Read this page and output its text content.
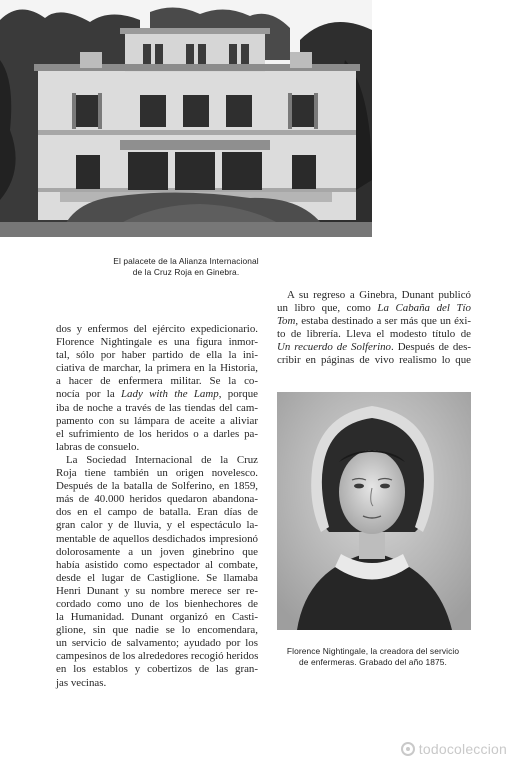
El palacete de la Alianza Internacional
de la Cruz Roja en Ginebra.
A su regreso a Ginebra, Dunant publicó
un libro que, como La Cabaña del Tío
Tom, estaba destinado a ser más que un éxi-
to de librería. Lleva el modesto título de
Un recuerdo de Solferino. Después de des-
cribir en páginas de vivo realismo lo que
dos y enfermos del ejército expedicionario.
Florence Nightingale es una figura inmor-
tal, sólo por haber partido de ella la ini-
ciativa de marchar, la primera en la Historia,
a hacer de enfermera militar. Se la co-
nocía por la Lady with the Lamp, porque
iba de noche a través de las tiendas del cam-
pamento con su lámpara de aceite a aliviar
el sufrimiento de los heridos o a darles pa-
labras de consuelo.
La Sociedad Internacional de la Cruz
Roja tiene también un origen novelesco.
Después de la batalla de Solferino, en 1859,
más de 40.000 heridos quedaron abandona-
dos en el campo de batalla. Eran días de
gran calor y de lluvia, y el espectáculo la-
mentable de aquellos desdichados impresionó
dolorosamente a un joven ginebrino que
había asistido como espectador al combate,
desde el lugar de Castiglione. Se llamaba
Henri Dunant y su nombre merece ser re-
cordado como uno de los bienhechores de
la Humanidad. Dunant organizó en Casti-
glione, sin que nadie se lo encomendara,
un servicio de salvamento; ayudado por los
campesinos de los alrededores recogió heridos
en los establos y cobertizos de las gran-
jas vecinas.
Florence Nightingale, la creadora del servicio
de enfermeras. Grabado del año 1875.
todocoleccion
